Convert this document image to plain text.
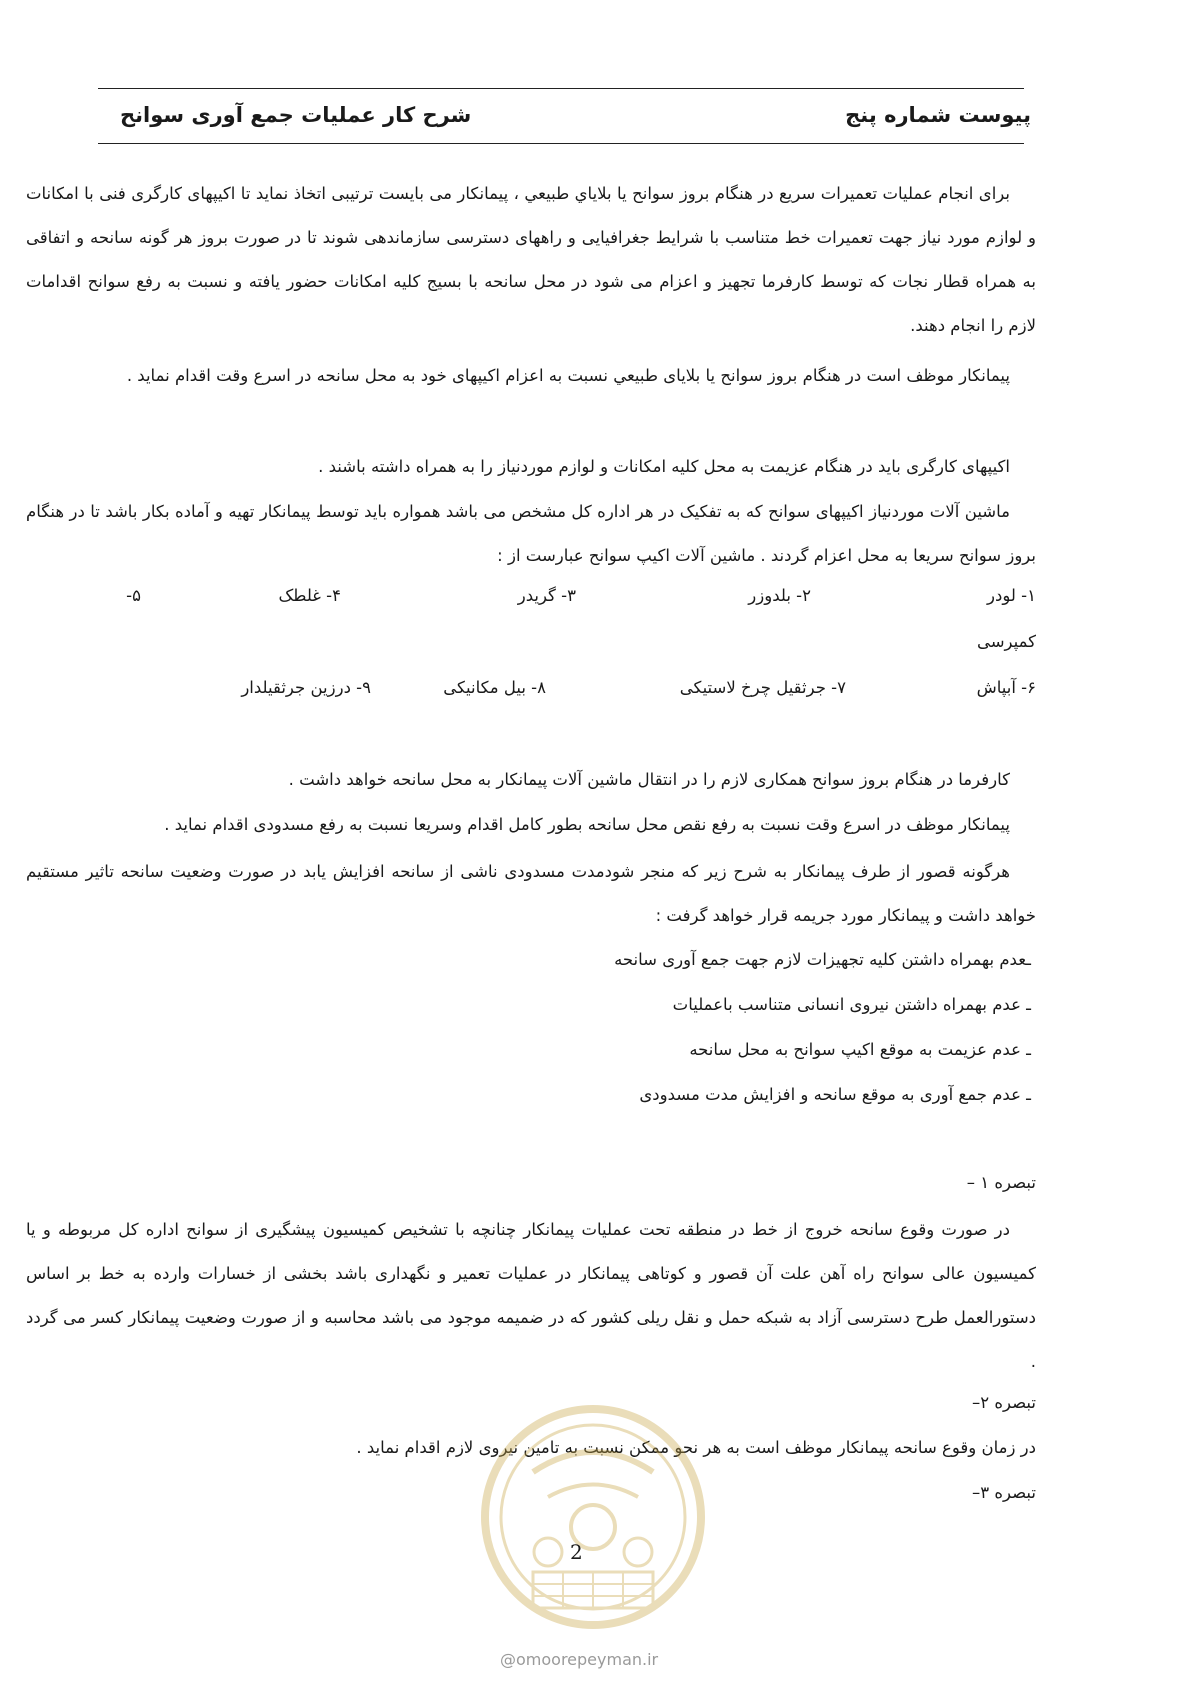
پیوست شماره پنج
شرح کار عملیات جمع آوری سوانح

برای انجام عملیات تعمیرات سریع در هنگام بروز سوانح یا بلاياي طبيعي ، پیمانکار می بایست ترتیبی اتخاذ نماید تا اکیپهای کارگری فنی با امکانات و لوازم مورد نیاز جهت تعمیرات خط متناسب با شرایط جغرافیایی و راههای دسترسی سازماندهی شوند تا در صورت بروز هر گونه سانحه و اتفاقی به همراه قطار نجات که توسط کارفرما تجهیز و اعزام می شود در محل سانحه با بسیج کلیه امکانات حضور یافته و نسبت به رفع سوانح اقدامات لازم را انجام دهند.

پیمانکار موظف است در هنگام بروز سوانح یا بلايای طبيعي نسبت به اعزام اکیپهای خود به محل سانحه در اسرع وقت اقدام نماید .

اکیپهای کارگری باید در هنگام عزیمت به محل کلیه امکانات و لوازم موردنیاز را به همراه داشته باشند .

ماشین آلات موردنیاز اکیپهای سوانح که به تفکیک در هر اداره کل مشخص می باشد همواره باید توسط پیمانکار تهیه و آماده بکار باشد تا در هنگام بروز سوانح سریعا به محل اعزام گردند . ماشین آلات اکیپ سوانح عبارست از :

۱- لودر
۲- بلدوزر
۳- گریدر
۴- غلطک
۵-
کمپرسی
۶- آبپاش
۷- جرثقیل چرخ لاستیکی
۸- بیل مکانیکی
۹- درزین جرثقیلدار

کارفرما در هنگام بروز سوانح همکاری لازم را در انتقال ماشین آلات پیمانکار به محل سانحه خواهد داشت .

پیمانکار موظف در اسرع وقت نسبت به رفع نقص محل سانحه بطور کامل اقدام وسریعا نسبت به رفع مسدودی اقدام نماید .

هرگونه قصور از طرف پیمانکار به شرح زیر که منجر شودمدت مسدودی ناشی از سانحه افزایش یابد در صورت وضعیت سانحه تاثیر مستقیم خواهد داشت و پیمانکار مورد جریمه قرار خواهد گرفت :

ـعدم بهمراه داشتن کلیه تجهیزات لازم جهت جمع آوری سانحه

ـ عدم بهمراه داشتن نیروی انسانی متناسب باعملیات

ـ عدم عزیمت به موقع اکیپ سوانح به محل سانحه

ـ عدم جمع آوری به موقع سانحه و افزایش مدت مسدودی

تبصره ۱ –

در صورت وقوع سانحه خروج از خط در منطقه تحت عملیات پیمانکار چنانچه با تشخیص کمیسیون پیشگیری از سوانح اداره کل مربوطه و یا کمیسیون عالی سوانح راه آهن علت آن قصور و کوتاهی پیمانکار در عملیات تعمیر و نگهداری باشد بخشی از خسارات وارده به خط بر اساس دستورالعمل طرح دسترسی آزاد به شبکه حمل و نقل ریلی کشور که در ضمیمه موجود می باشد محاسبه و از صورت وضعیت پیمانکار کسر می گردد .

تبصره ۲–

در زمان وقوع سانحه پیمانکار موظف است به هر نحو ممکن نسبت به تامین نیروی لازم اقدام نماید .

تبصره ۳–

2

@omoorepeyman.ir
